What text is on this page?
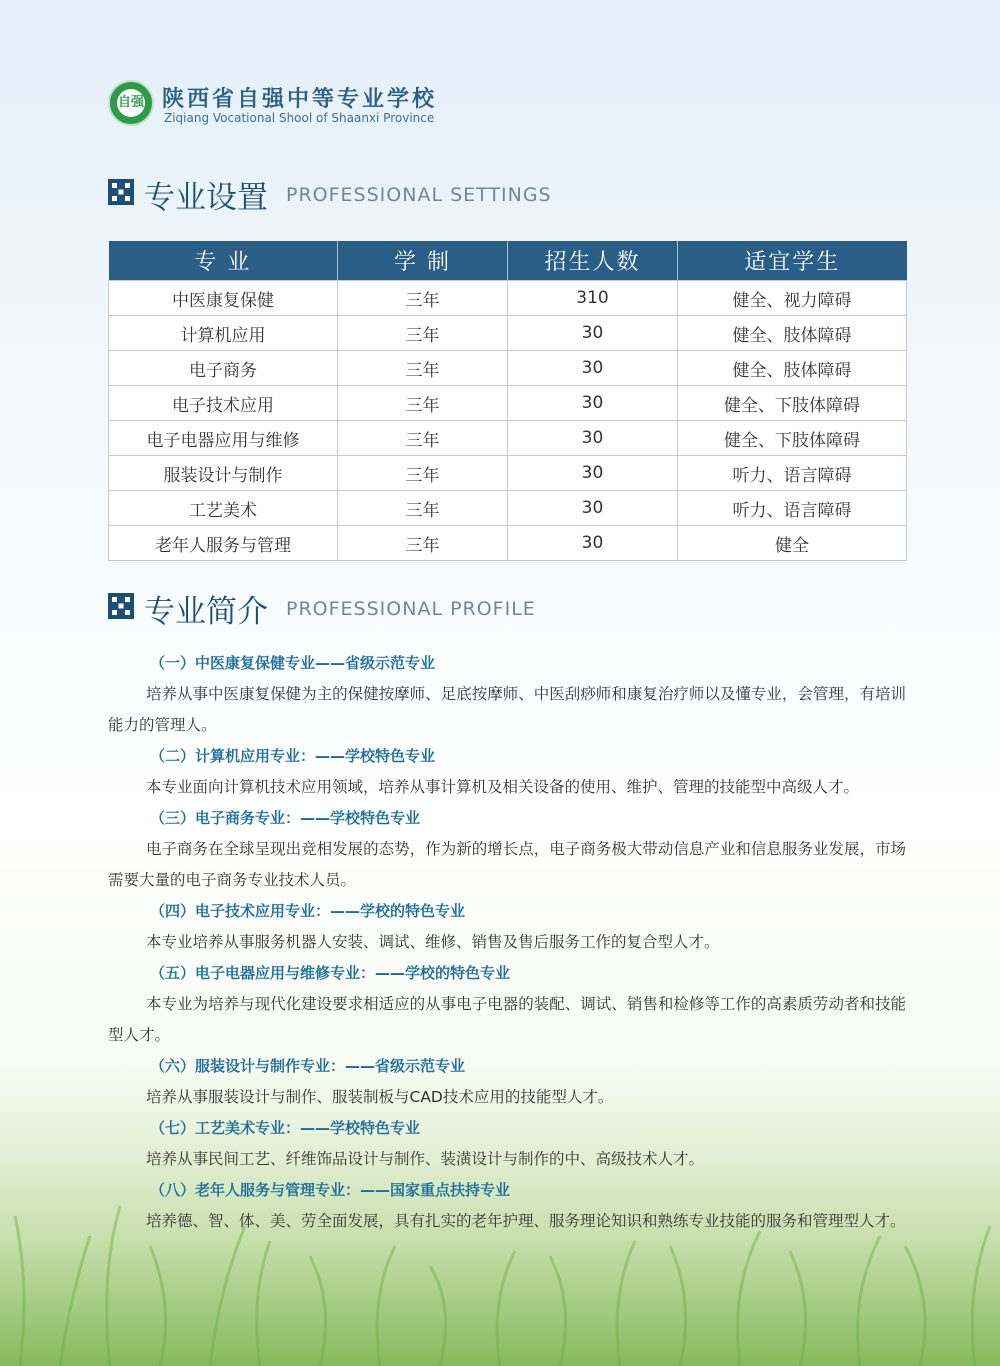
自强 陕西省自强中等专业学校
Ziqiang Vocational Shool of Shaanxi Province
专业设置 PROFESSIONAL SETTINGS
专 业	学 制	招生人数	适宜学生
中医康复保健	三年	310	健全、视力障碍
计算机应用	三年	30	健全、肢体障碍
电子商务	三年	30	健全、肢体障碍
电子技术应用	三年	30	健全、下肢体障碍
电子电器应用与维修	三年	30	健全、下肢体障碍
服装设计与制作	三年	30	听力、语言障碍
工艺美术	三年	30	听力、语言障碍
老年人服务与管理	三年	30	健全
专业简介 PROFESSIONAL PROFILE
（一）中医康复保健专业——省级示范专业
培养从事中医康复保健为主的保健按摩师、足底按摩师、中医刮痧师和康复治疗师以及懂专业，会管理，有培训能力的管理人。
（二）计算机应用专业：——学校特色专业
本专业面向计算机技术应用领域，培养从事计算机及相关设备的使用、维护、管理的技能型中高级人才。
（三）电子商务专业：——学校特色专业
电子商务在全球呈现出竞相发展的态势，作为新的增长点，电子商务极大带动信息产业和信息服务业发展，市场需要大量的电子商务专业技术人员。
（四）电子技术应用专业：——学校的特色专业
本专业培养从事服务机器人安装、调试、维修、销售及售后服务工作的复合型人才。
（五）电子电器应用与维修专业：——学校的特色专业
本专业为培养与现代化建设要求相适应的从事电子电器的装配、调试、销售和检修等工作的高素质劳动者和技能型人才。
（六）服装设计与制作专业：——省级示范专业
培养从事服装设计与制作、服装制板与CAD技术应用的技能型人才。
（七）工艺美术专业：——学校特色专业
培养从事民间工艺、纤维饰品设计与制作、装潢设计与制作的中、高级技术人才。
（八）老年人服务与管理专业：——国家重点扶持专业
培养德、智、体、美、劳全面发展，具有扎实的老年护理、服务理论知识和熟练专业技能的服务和管理型人才。
